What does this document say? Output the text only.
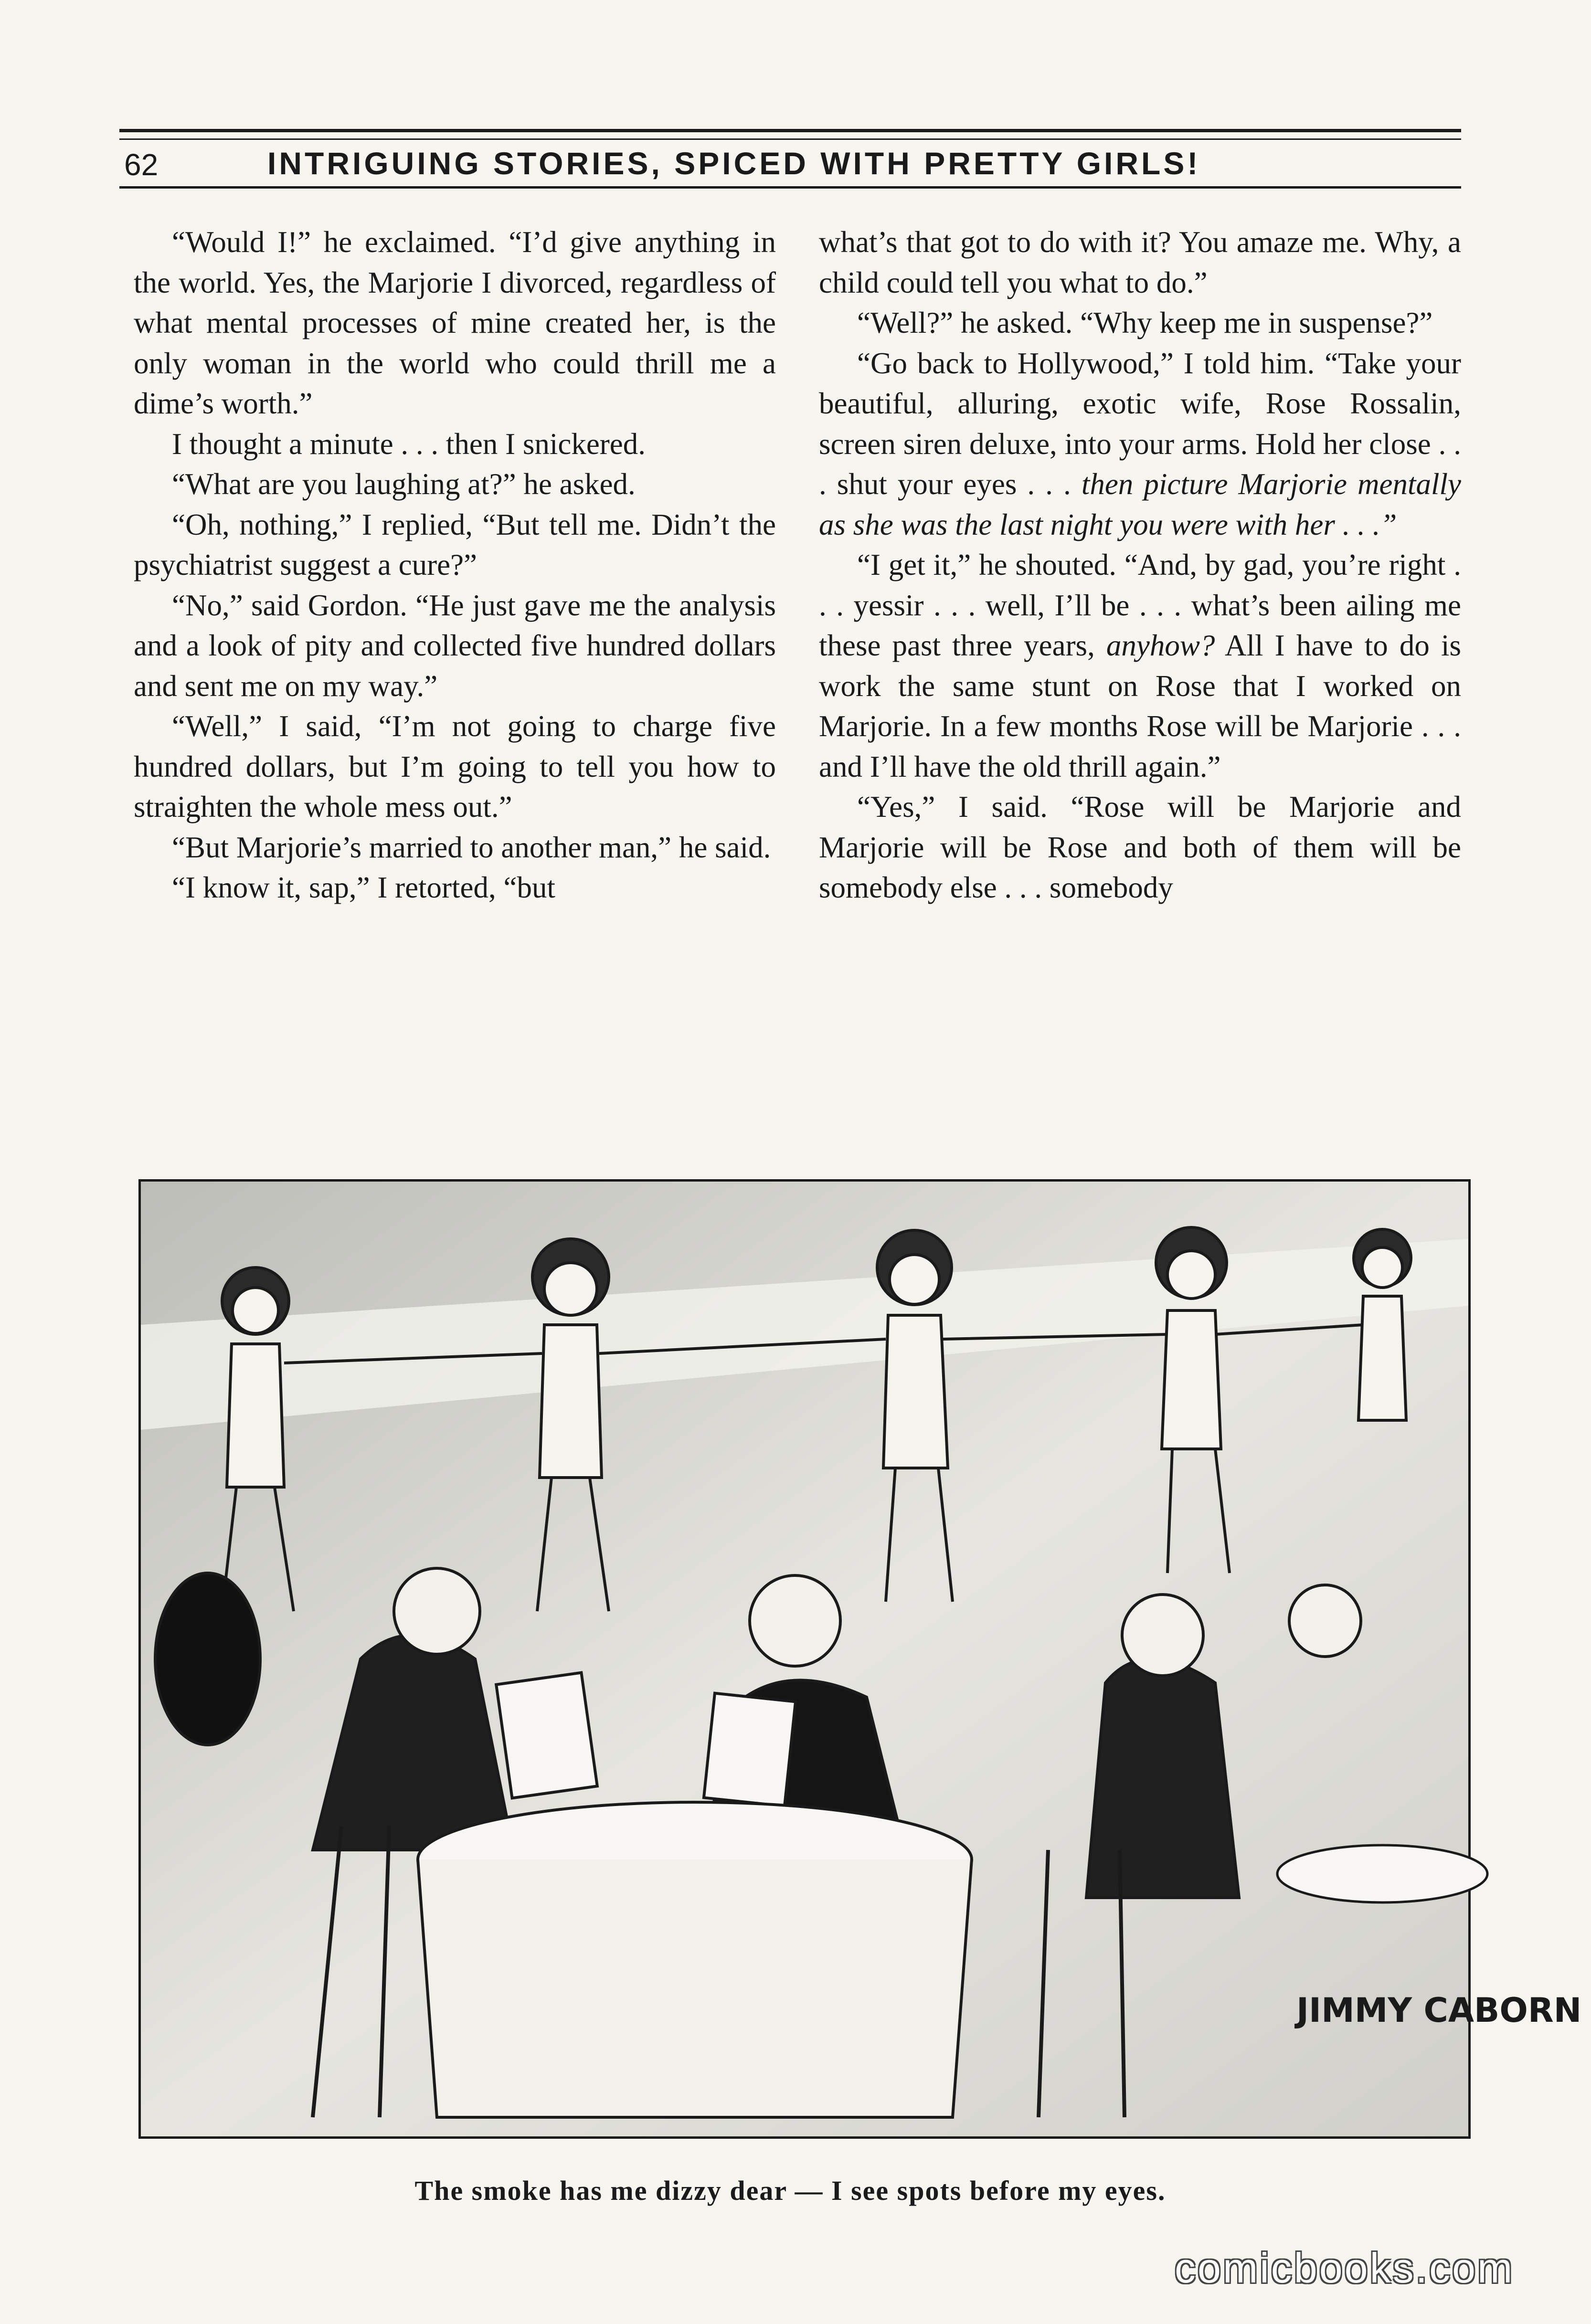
62	INTRIGUING STORIES, SPICED WITH PRETTY GIRLS!

“Would I!” he exclaimed. “I’d give anything in the world. Yes, the Marjorie I divorced, regardless of what mental processes of mine created her, is the only woman in the world who could thrill me a dime’s worth.”

I thought a minute . . . then I snickered.

“What are you laughing at?” he asked.

“Oh, nothing,” I replied, “But tell me. Didn’t the psychiatrist suggest a cure?”

“No,” said Gordon. “He just gave me the analysis and a look of pity and collected five hundred dollars and sent me on my way.”

“Well,” I said, “I’m not going to charge five hundred dollars, but I’m going to tell you how to straighten the whole mess out.”

“But Marjorie’s married to another man,” he said.

“I know it, sap,” I retorted, “but

what’s that got to do with it? You amaze me. Why, a child could tell you what to do.”

“Well?” he asked. “Why keep me in suspense?”

“Go back to Hollywood,” I told him. “Take your beautiful, alluring, exotic wife, Rose Rossalin, screen siren deluxe, into your arms. Hold her close . . . shut your eyes . . . then picture Marjorie mentally as she was the last night you were with her . . .”

“I get it,” he shouted. “And, by gad, you’re right . . . yessir . . . well, I’ll be . . . what’s been ailing me these past three years, anyhow? All I have to do is work the same stunt on Rose that I worked on Marjorie. In a few months Rose will be Marjorie . . . and I’ll have the old thrill again.”

“Yes,” I said. “Rose will be Marjorie and Marjorie will be Rose and both of them will be somebody else . . . somebody

JIMMY CABORN
The smoke has me dizzy dear — I see spots before my eyes.
comicbooks.com
